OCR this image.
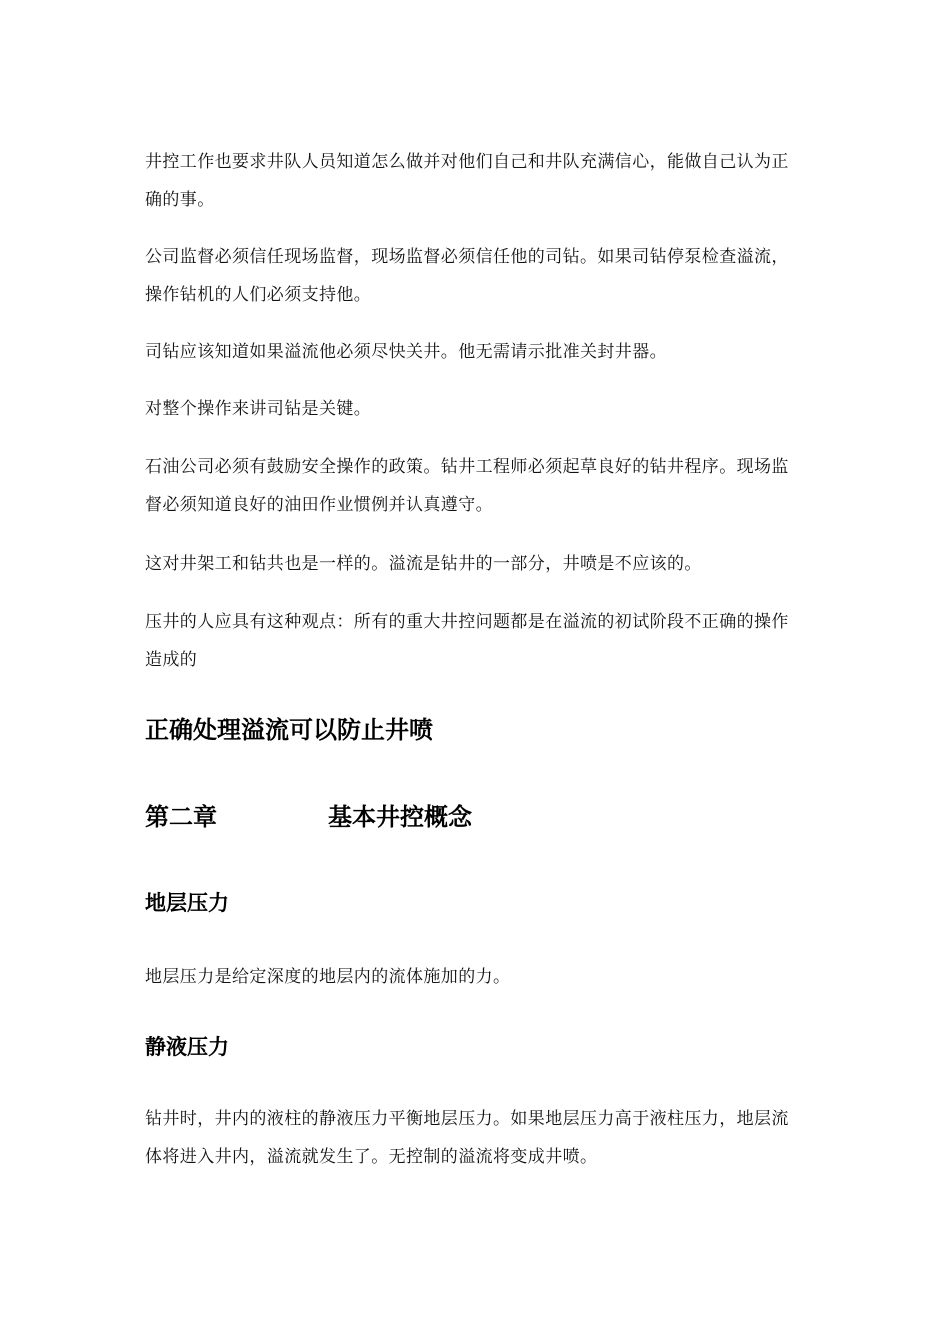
井控工作也要求井队人员知道怎么做并对他们自己和井队充满信心，能做自己认为正确的事。

公司监督必须信任现场监督，现场监督必须信任他的司钻。如果司钻停泵检查溢流，操作钻机的人们必须支持他。

司钻应该知道如果溢流他必须尽快关井。他无需请示批准关封井器。

对整个操作来讲司钻是关键。

石油公司必须有鼓励安全操作的政策。钻井工程师必须起草良好的钻井程序。现场监督必须知道良好的油田作业惯例并认真遵守。

这对井架工和钻共也是一样的。溢流是钻井的一部分，井喷是不应该的。

压井的人应具有这种观点：所有的重大井控问题都是在溢流的初试阶段不正确的操作造成的

正确处理溢流可以防止井喷
第二章	基本井控概念
地层压力

地层压力是给定深度的地层内的流体施加的力。

静液压力

钻井时，井内的液柱的静液压力平衡地层压力。如果地层压力高于液柱压力，地层流体将进入井内，溢流就发生了。无控制的溢流将变成井喷。
